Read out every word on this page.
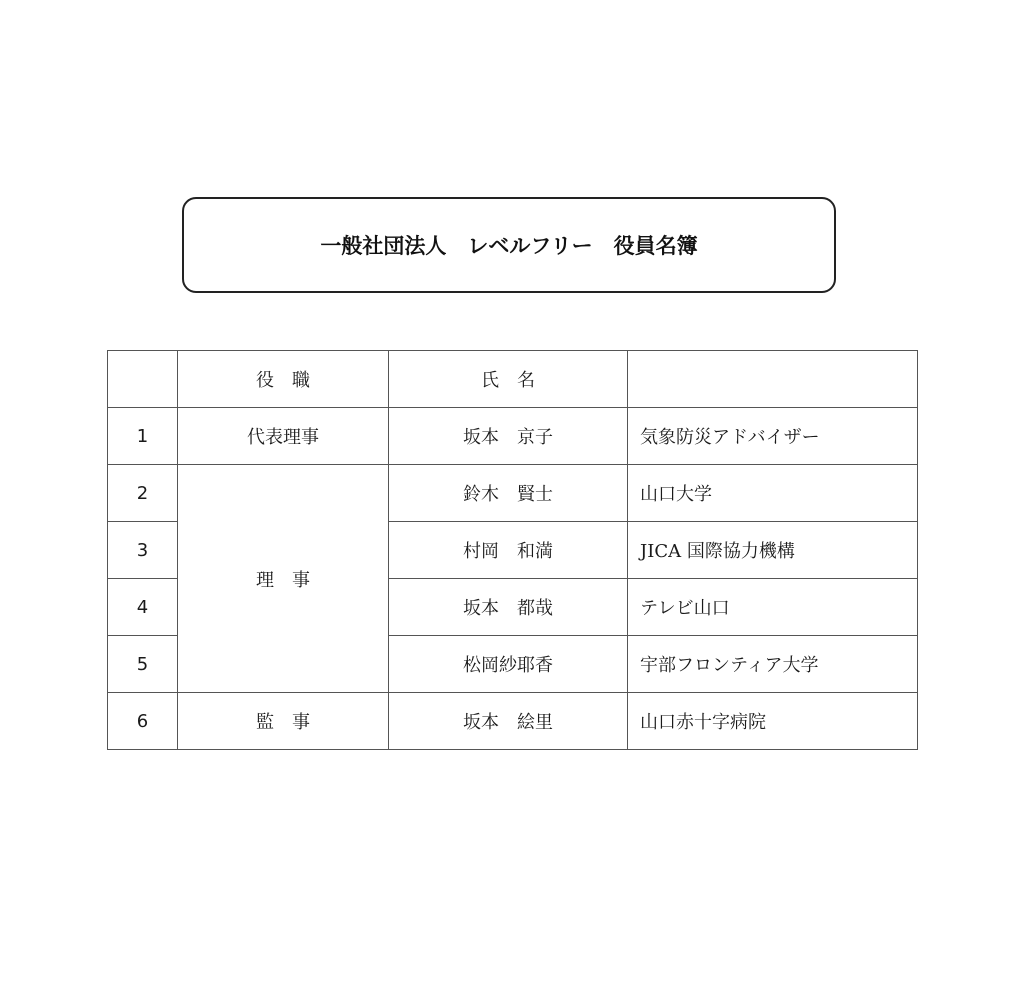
一般社団法人　レベルフリー　役員名簿
	役　職	氏　名	
1	代表理事	坂本　京子	気象防災アドバイザー
2	理　事	鈴木　賢士	山口大学
3		村岡　和満	JICA 国際協力機構
4		坂本　都哉	テレビ山口
5		松岡紗耶香	宇部フロンティア大学
6	監　事	坂本　絵里	山口赤十字病院
